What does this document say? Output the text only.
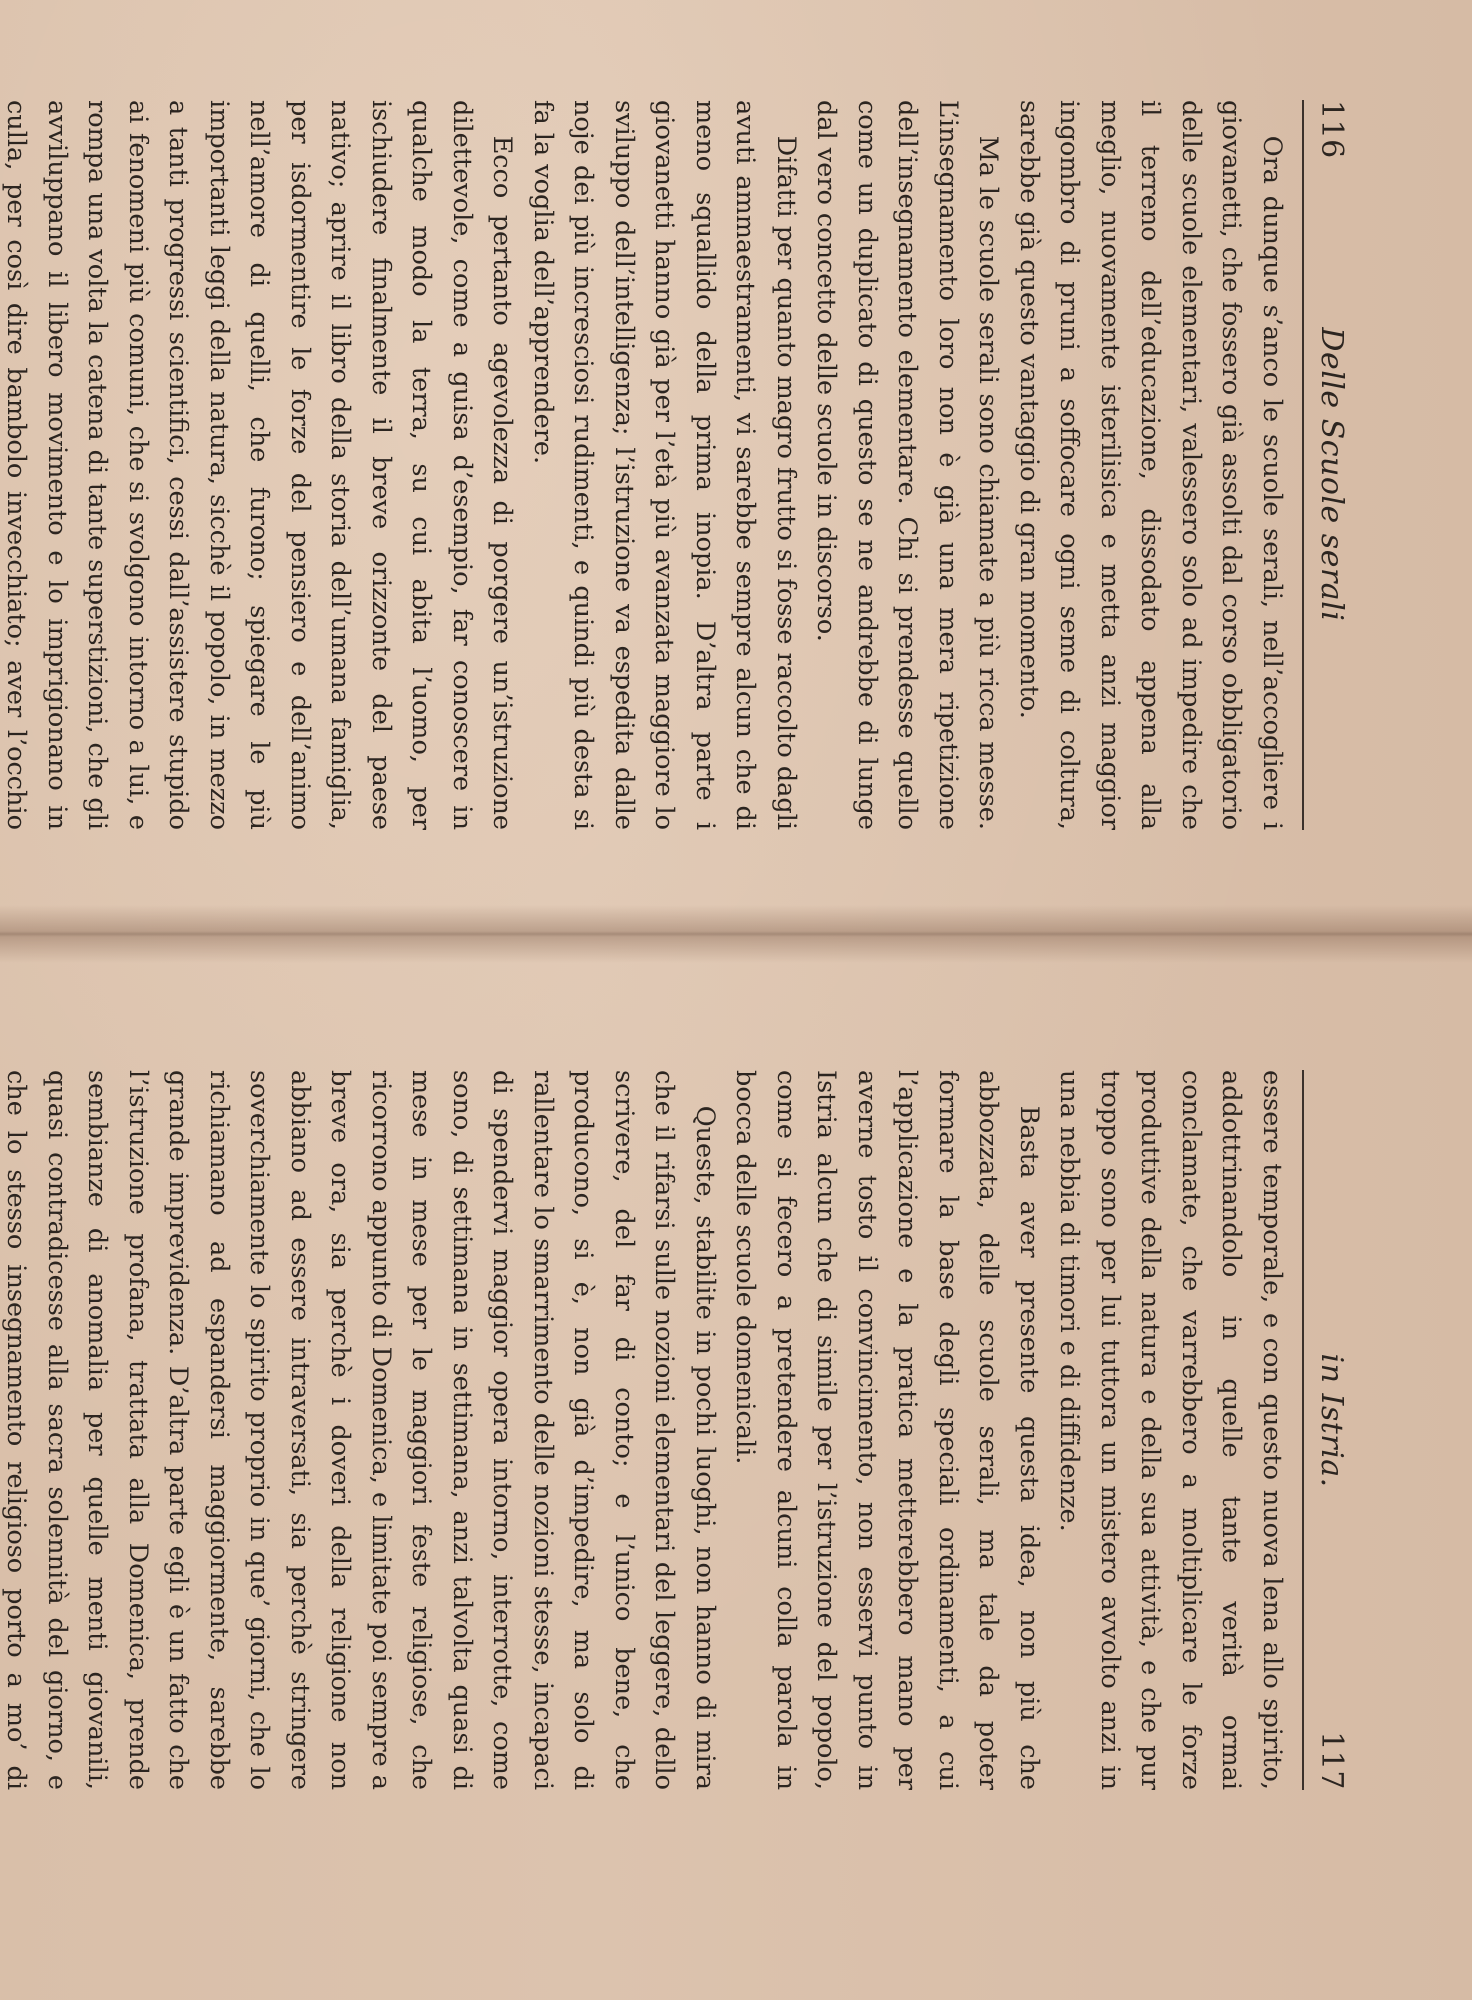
116
Delle Scuole serali

Ora dunque s’anco le scuole serali, nell’accogliere i giovanetti, che fossero già assolti dal corso obbligatorio delle scuole elementari, valessero solo ad impedire che il terreno dell’educazione, dissodato appena alla meglio, nuovamente isterilisica e metta anzi maggior ingombro di pruni a soffocare ogni seme di coltura, sarebbe già questo vantaggio di gran momento.

Ma le scuole serali sono chiamate a più ricca messe. L’insegnamento loro non è già una mera ripetizione dell’insegnamento elementare. Chi si prendesse quello come un duplicato di questo se ne andrebbe di lunge dal vero concetto delle scuole in discorso.

Difatti per quanto magro frutto si fosse raccolto dagli avuti ammaestramenti, vi sarebbe sempre alcun che di meno squallido della prima inopia. D’altra parte i giovanetti hanno già per l’età più avanzata maggiore lo sviluppo dell’intelligenza; l’istruzione va espedita dalle noje dei più incresciosi rudimenti, e quindi più desta si fa la voglia dell’apprendere.

Ecco pertanto agevolezza di porgere un’istruzione dilettevole, come a guisa d’esempio, far conoscere in qualche modo la terra, su cui abita l’uomo, per ischiudere finalmente il breve orizzonte del paese nativo; aprire il libro della storia dell’umana famiglia, per isdormentire le forze del pensiero e dell’animo nell’amore di quelli, che furono; spiegare le più importanti leggi della natura, sicchè il popolo, in mezzo a tanti progressi scientifici, cessi dall’assistere stupido ai fenomeni più comuni, che si svolgono intorno a lui, e rompa una volta la catena di tante superstizioni, che gli avviluppano il libero movimento e lo imprigionano in culla, per così dire bambolo invecchiato; aver l’occhio

in Istria.
117

essere temporale, e con questo nuova lena allo spirito, addottrinandolo in quelle tante verità ormai conclamate, che varrebbero a moltiplicare le forze produttive della natura e della sua attività, e che pur troppo sono per lui tuttora un mistero avvolto anzi in una nebbia di timori e di diffidenze.

Basta aver presente questa idea, non più che abbozzata, delle scuole serali, ma tale da poter formare la base degli speciali ordinamenti, a cui l’applicazione e la pratica metterebbero mano per averne tosto il convincimento, non esservi punto in Istria alcun che di simile per l’istruzione del popolo, come si fecero a pretendere alcuni colla parola in bocca delle scuole domenicali.

Queste, stabilite in pochi luoghi, non hanno di mira che il rifarsi sulle nozioni elementari del leggere, dello scrivere, del far di conto; e l’unico bene, che producono, si è, non già d’impedire, ma solo di rallentare lo smarrimento delle nozioni stesse, incapaci di spendervi maggior opera intorno, interrotte, come sono, di settimana in settimana, anzi talvolta quasi di mese in mese per le maggiori feste religiose, che ricorrono appunto di Domenica, e limitate poi sempre a breve ora, sia perchè i doveri della religione non abbiano ad essere intraversati, sia perchè stringere soverchiamente lo spirito proprio in que’ giorni, che lo richiamano ad espandersi maggiormente, sarebbe grande imprevidenza. D’altra parte egli è un fatto che l’istruzione profana, trattata alla Domenica, prende sembianze di anomalia per quelle menti giovanili, quasi contradicesse alla sacra solennità del giorno, e che lo stesso insegnamento religioso porto a mo’ di
